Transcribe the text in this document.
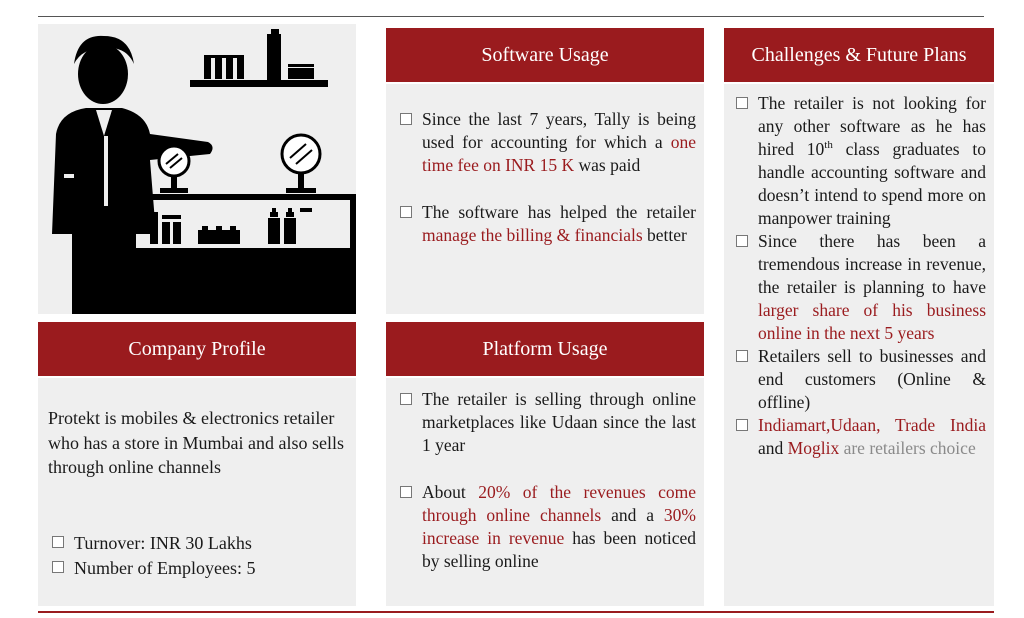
Company Profile
Protekt is mobiles & electronics retailer who has a store in Mumbai and also sells through online channels
Turnover: INR 30 Lakhs
Number of Employees: 5
Software Usage
Since the last 7 years, Tally is being used for accounting for which a one time fee on INR 15 K was paid
The software has helped the retailer manage the billing & financials better
Platform Usage
The retailer is selling through online marketplaces like Udaan since the last 1 year
About 20% of the revenues come through online channels and a 30% increase in revenue has been noticed by selling online
Challenges & Future Plans
The retailer is not looking for any other software as he has hired 10th class graduates to handle accounting software and doesn’t intend to spend more on manpower training
Since there has been a tremendous increase in revenue, the retailer is planning to have larger share of his business online in the next 5 years
Retailers sell to businesses and end customers (Online & offline)
Indiamart,Udaan, Trade India and Moglix are retailers choice
